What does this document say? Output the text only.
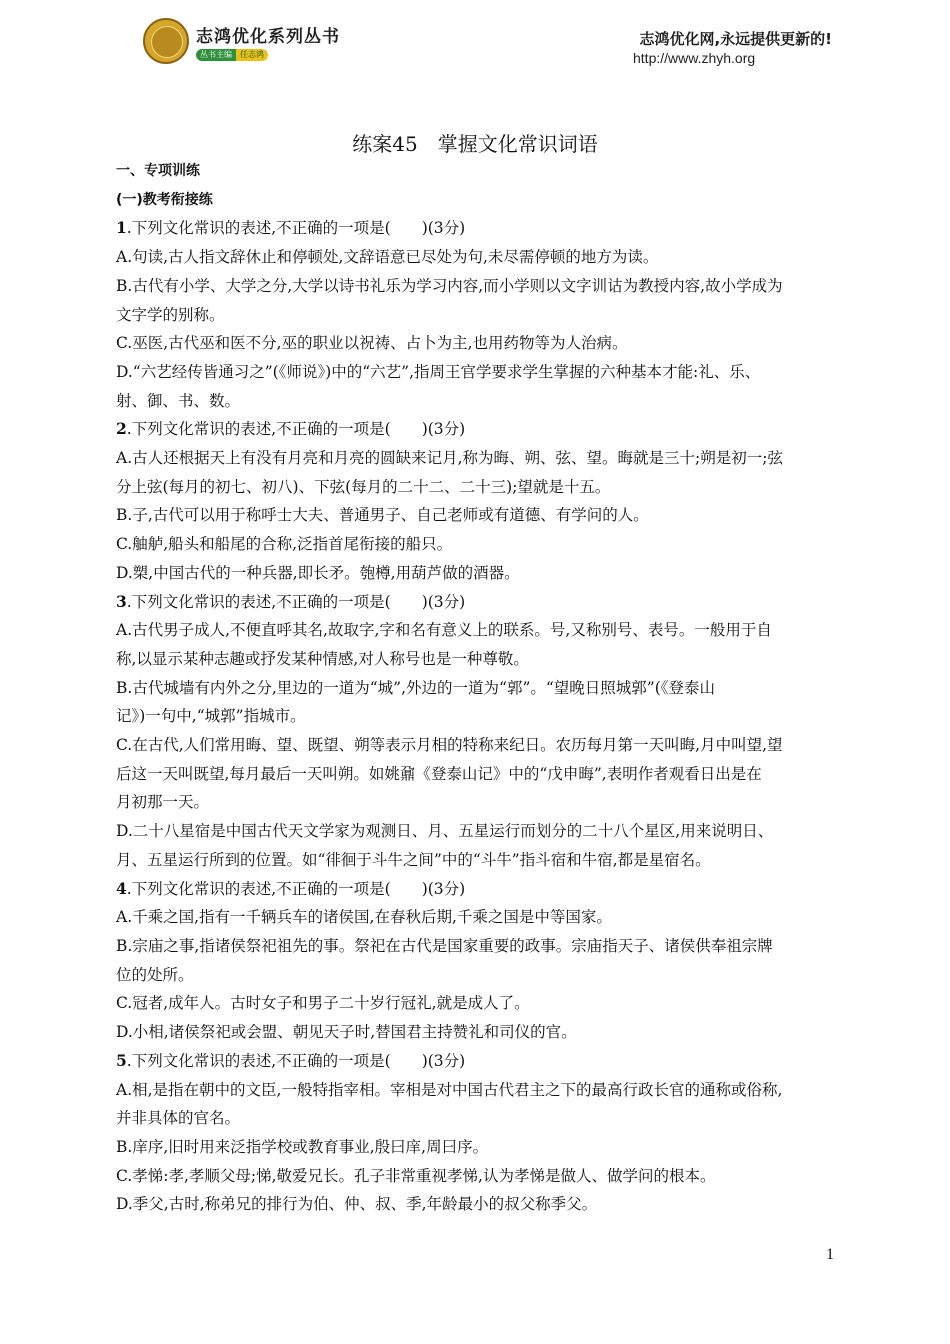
志鸿优化系列丛书
丛书主编 任志鸿
志鸿优化网,永远提供更新的!
http://www.zhyh.org
练案45　掌握文化常识词语

一、专项训练

(一)教考衔接练

1.下列文化常识的表述,不正确的一项是(　　)(3分)

A.句读,古人指文辞休止和停顿处,文辞语意已尽处为句,未尽需停顿的地方为读。

B.古代有小学、大学之分,大学以诗书礼乐为学习内容,而小学则以文字训诂为教授内容,故小学成为

文字学的别称。

C.巫医,古代巫和医不分,巫的职业以祝祷、占卜为主,也用药物等为人治病。

D.“六艺经传皆通习之”(《师说》)中的“六艺”,指周王官学要求学生掌握的六种基本才能:礼、乐、

射、御、书、数。

2.下列文化常识的表述,不正确的一项是(　　)(3分)

A.古人还根据天上有没有月亮和月亮的圆缺来记月,称为晦、朔、弦、望。晦就是三十;朔是初一;弦

分上弦(每月的初七、初八)、下弦(每月的二十二、二十三);望就是十五。

B.子,古代可以用于称呼士大夫、普通男子、自己老师或有道德、有学问的人。

C.舳舻,船头和船尾的合称,泛指首尾衔接的船只。

D.槊,中国古代的一种兵器,即长矛。匏樽,用葫芦做的酒器。

3.下列文化常识的表述,不正确的一项是(　　)(3分)

A.古代男子成人,不便直呼其名,故取字,字和名有意义上的联系。号,又称别号、表号。一般用于自

称,以显示某种志趣或抒发某种情感,对人称号也是一种尊敬。

B.古代城墙有内外之分,里边的一道为“城”,外边的一道为“郭”。“望晚日照城郭”(《登泰山

记》)一句中,“城郭”指城市。

C.在古代,人们常用晦、望、既望、朔等表示月相的特称来纪日。农历每月第一天叫晦,月中叫望,望

后这一天叫既望,每月最后一天叫朔。如姚鼐《登泰山记》中的“戊申晦”,表明作者观看日出是在

月初那一天。

D.二十八星宿是中国古代天文学家为观测日、月、五星运行而划分的二十八个星区,用来说明日、

月、五星运行所到的位置。如“徘徊于斗牛之间”中的“斗牛”指斗宿和牛宿,都是星宿名。

4.下列文化常识的表述,不正确的一项是(　　)(3分)

A.千乘之国,指有一千辆兵车的诸侯国,在春秋后期,千乘之国是中等国家。

B.宗庙之事,指诸侯祭祀祖先的事。祭祀在古代是国家重要的政事。宗庙指天子、诸侯供奉祖宗牌

位的处所。

C.冠者,成年人。古时女子和男子二十岁行冠礼,就是成人了。

D.小相,诸侯祭祀或会盟、朝见天子时,替国君主持赞礼和司仪的官。

5.下列文化常识的表述,不正确的一项是(　　)(3分)

A.相,是指在朝中的文臣,一般特指宰相。宰相是对中国古代君主之下的最高行政长官的通称或俗称,

并非具体的官名。

B.庠序,旧时用来泛指学校或教育事业,殷曰庠,周曰序。

C.孝悌:孝,孝顺父母;悌,敬爱兄长。孔子非常重视孝悌,认为孝悌是做人、做学问的根本。

D.季父,古时,称弟兄的排行为伯、仲、叔、季,年龄最小的叔父称季父。

1
